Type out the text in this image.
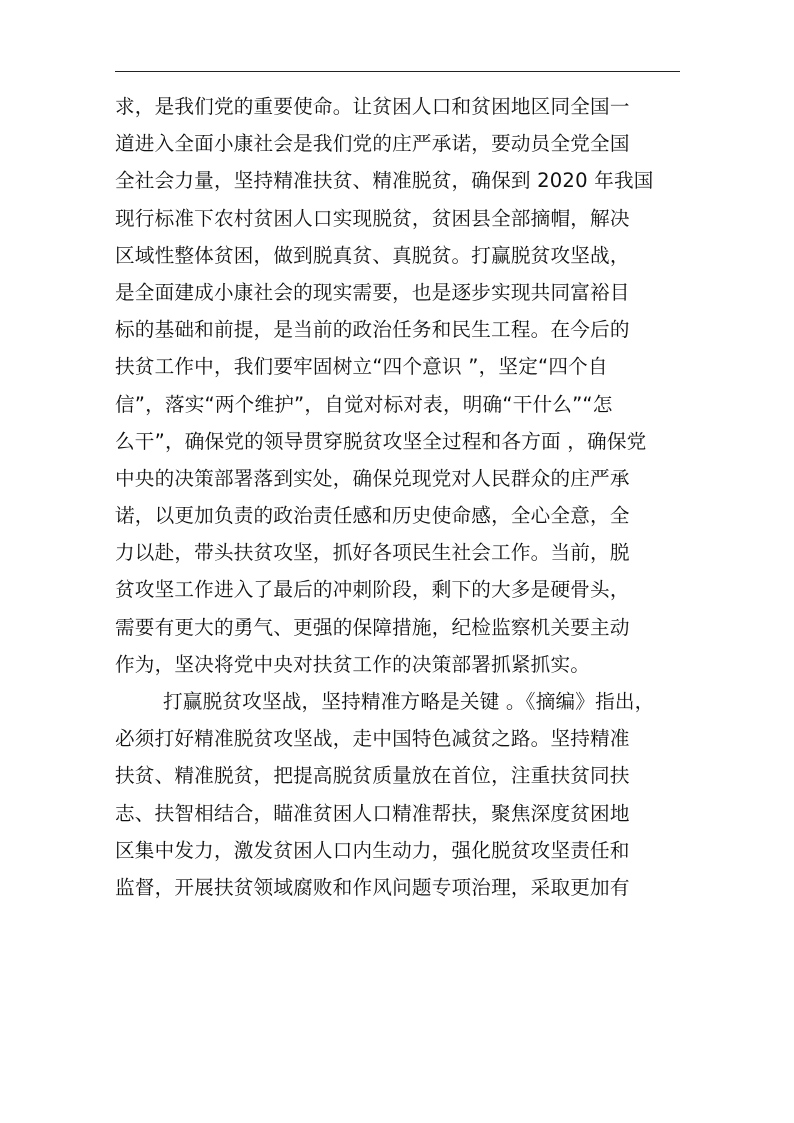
求，是我们党的重要使命。让贫困人口和贫困地区同全国一
道进入全面小康社会是我们党的庄严承诺，要动员全党全国
全社会力量，坚持精准扶贫、精准脱贫，确保到 2020 年我国
现行标准下农村贫困人口实现脱贫，贫困县全部摘帽，解决
区域性整体贫困，做到脱真贫、真脱贫。打赢脱贫攻坚战，
是全面建成小康社会的现实需要，也是逐步实现共同富裕目
标的基础和前提，是当前的政治任务和民生工程。在今后的
扶贫工作中，我们要牢固树立“四个意识 ”，坚定“四个自
信”，落实“两个维护”，自觉对标对表，明确“干什么”“怎
么干”，确保党的领导贯穿脱贫攻坚全过程和各方面 ，确保党
中央的决策部署落到实处，确保兑现党对人民群众的庄严承
诺，以更加负责的政治责任感和历史使命感，全心全意，全
力以赴，带头扶贫攻坚，抓好各项民生社会工作。当前，脱
贫攻坚工作进入了最后的冲刺阶段，剩下的大多是硬骨头，
需要有更大的勇气、更强的保障措施，纪检监察机关要主动
作为，坚决将党中央对扶贫工作的决策部署抓紧抓实。
打赢脱贫攻坚战，坚持精准方略是关键 。《摘编》指出，
必须打好精准脱贫攻坚战，走中国特色减贫之路。坚持精准
扶贫、精准脱贫，把提高脱贫质量放在首位，注重扶贫同扶
志、扶智相结合，瞄准贫困人口精准帮扶，聚焦深度贫困地
区集中发力，激发贫困人口内生动力，强化脱贫攻坚责任和
监督，开展扶贫领域腐败和作风问题专项治理，采取更加有
